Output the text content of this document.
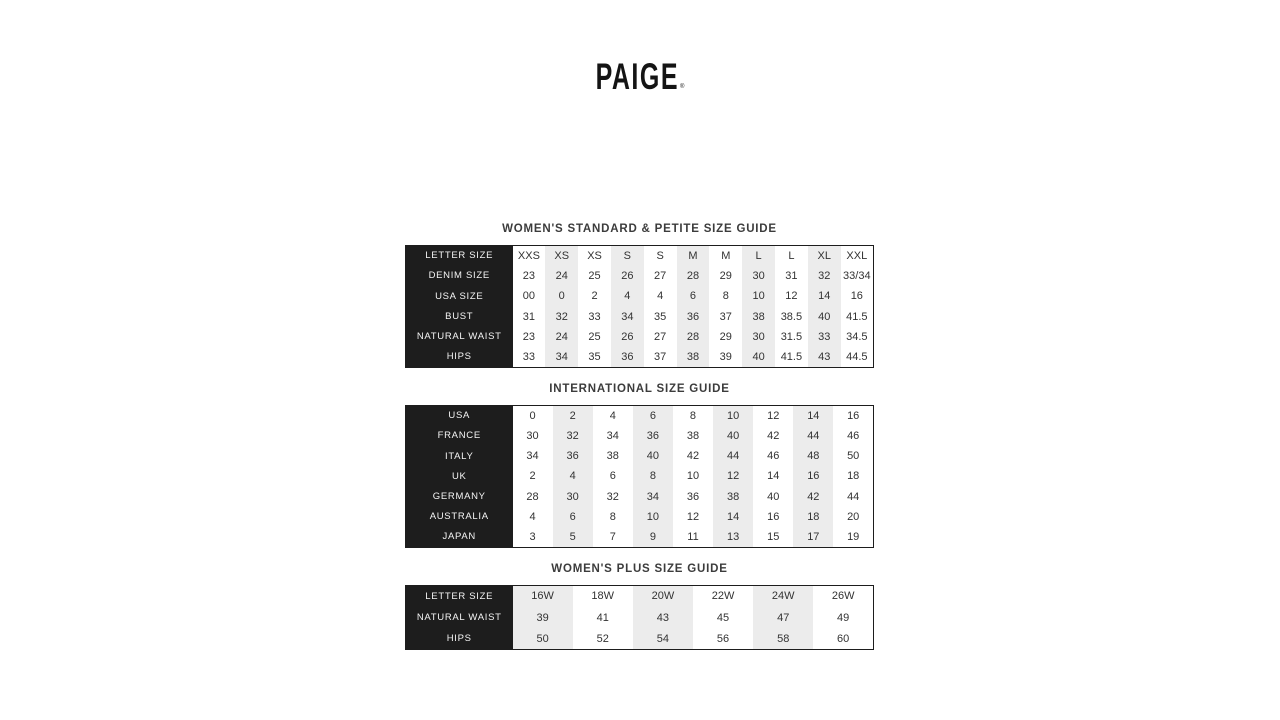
PAIGE®
WOMEN'S STANDARD & PETITE SIZE GUIDE
LETTER SIZE	XXS	XS	XS	S	S	M	M	L	L	XL	XXL
DENIM SIZE	23	24	25	26	27	28	29	30	31	32	33/34
USA SIZE	00	0	2	4	4	6	8	10	12	14	16
BUST	31	32	33	34	35	36	37	38	38.5	40	41.5
NATURAL WAIST	23	24	25	26	27	28	29	30	31.5	33	34.5
HIPS	33	34	35	36	37	38	39	40	41.5	43	44.5
INTERNATIONAL SIZE GUIDE
USA	0	2	4	6	8	10	12	14	16
FRANCE	30	32	34	36	38	40	42	44	46
ITALY	34	36	38	40	42	44	46	48	50
UK	2	4	6	8	10	12	14	16	18
GERMANY	28	30	32	34	36	38	40	42	44
AUSTRALIA	4	6	8	10	12	14	16	18	20
JAPAN	3	5	7	9	11	13	15	17	19
WOMEN'S PLUS SIZE GUIDE
LETTER SIZE	16W	18W	20W	22W	24W	26W
NATURAL WAIST	39	41	43	45	47	49
HIPS	50	52	54	56	58	60
